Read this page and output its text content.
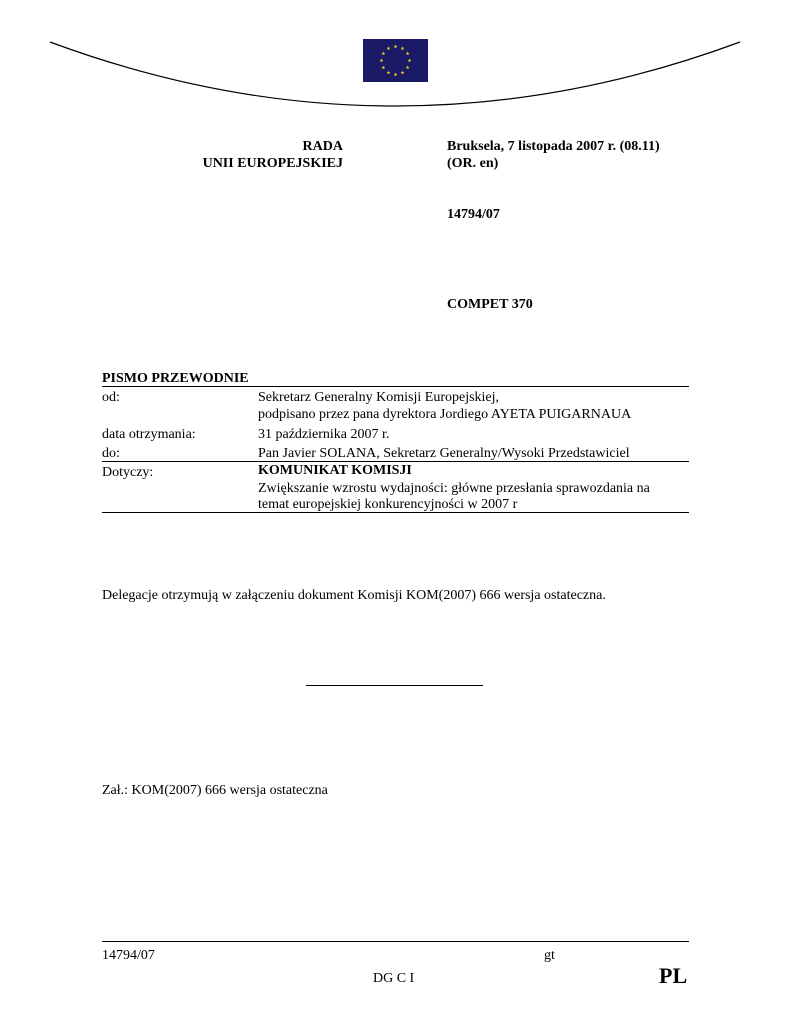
RADA
UNII EUROPEJSKIEJ
Bruksela, 7 listopada 2007 r. (08.11)
(OR. en)
14794/07
COMPET 370
PISMO PRZEWODNIE
od:	Sekretarz Generalny Komisji Europejskiej,
podpisano przez pana dyrektora Jordiego AYETA PUIGARNAUA
data otrzymania:	31 października 2007 r.
do:	Pan Javier SOLANA, Sekretarz Generalny/Wysoki Przedstawiciel
Dotyczy:	KOMUNIKAT KOMISJI
Zwiększanie wzrostu wydajności: główne przesłania sprawozdania na
temat europejskiej konkurencyjności w 2007 r
Delegacje otrzymują w załączeniu dokument Komisji KOM(2007) 666 wersja ostateczna.
Zał.: KOM(2007) 666 wersja ostateczna
14794/07	gt
DG C I	PL
